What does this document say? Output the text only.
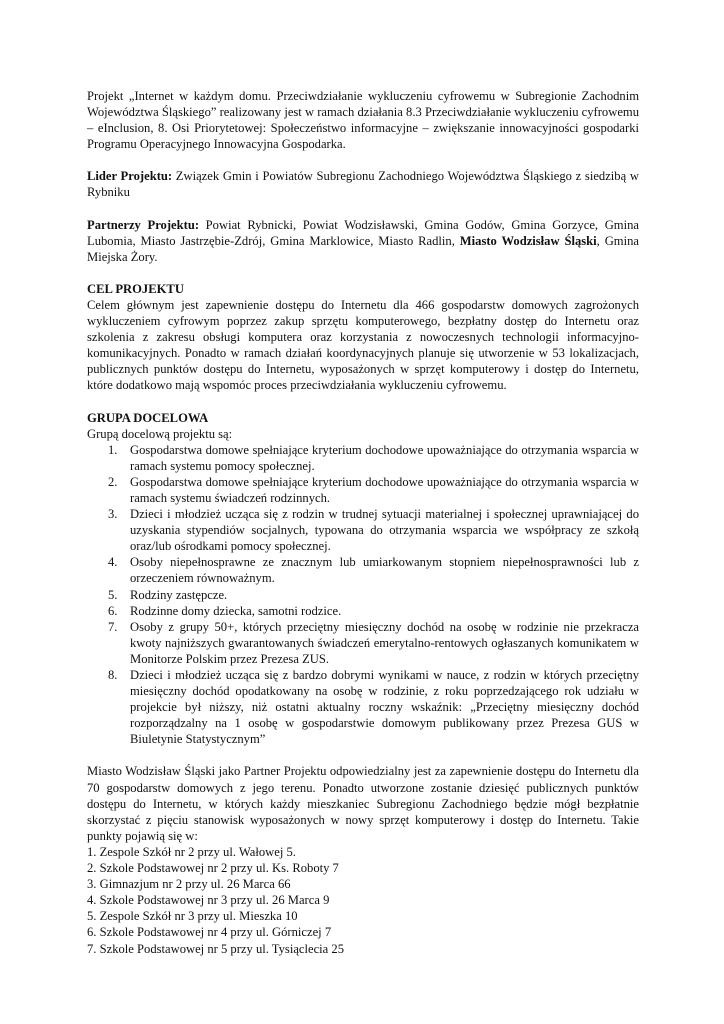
Projekt „Internet w każdym domu. Przeciwdziałanie wykluczeniu cyfrowemu w Subregionie Zachodnim Województwa Śląskiego” realizowany jest w ramach działania 8.3 Przeciwdziałanie wykluczeniu cyfrowemu – eInclusion, 8. Osi Priorytetowej: Społeczeństwo informacyjne – zwiększanie innowacyjności gospodarki Programu Operacyjnego Innowacyjna Gospodarka.

Lider Projektu: Związek Gmin i Powiatów Subregionu Zachodniego Województwa Śląskiego z siedzibą w Rybniku

Partnerzy Projektu: Powiat Rybnicki, Powiat Wodzisławski, Gmina Godów, Gmina Gorzyce, Gmina Lubomia, Miasto Jastrzębie-Zdrój, Gmina Marklowice, Miasto Radlin, Miasto Wodzisław Śląski, Gmina Miejska Żory.

CEL PROJEKTU

Celem głównym jest zapewnienie dostępu do Internetu dla 466 gospodarstw domowych zagrożonych wykluczeniem cyfrowym poprzez zakup sprzętu komputerowego, bezpłatny dostęp do Internetu oraz szkolenia z zakresu obsługi komputera oraz korzystania z nowoczesnych technologii informacyjno-komunikacyjnych. Ponadto w ramach działań koordynacyjnych planuje się utworzenie w 53 lokalizacjach, publicznych punktów dostępu do Internetu, wyposażonych w sprzęt komputerowy i dostęp do Internetu, które dodatkowo mają wspomóc proces przeciwdziałania wykluczeniu cyfrowemu.

GRUPA DOCELOWA

Grupą docelową projektu są:

1. Gospodarstwa domowe spełniające kryterium dochodowe upoważniające do otrzymania wsparcia w ramach systemu pomocy społecznej.
2. Gospodarstwa domowe spełniające kryterium dochodowe upoważniające do otrzymania wsparcia w ramach systemu świadczeń rodzinnych.
3. Dzieci i młodzież ucząca się z rodzin w trudnej sytuacji materialnej i społecznej uprawniającej do uzyskania stypendiów socjalnych, typowana do otrzymania wsparcia we współpracy ze szkołą oraz/lub ośrodkami pomocy społecznej.
4. Osoby niepełnosprawne ze znacznym lub umiarkowanym stopniem niepełnosprawności lub z orzeczeniem równoważnym.
5. Rodziny zastępcze.
6. Rodzinne domy dziecka, samotni rodzice.
7. Osoby z grupy 50+, których przeciętny miesięczny dochód na osobę w rodzinie nie przekracza kwoty najniższych gwarantowanych świadczeń emerytalno-rentowych ogłaszanych komunikatem w Monitorze Polskim przez Prezesa ZUS.
8. Dzieci i młodzież ucząca się z bardzo dobrymi wynikami w nauce, z rodzin w których przeciętny miesięczny dochód opodatkowany na osobę w rodzinie, z roku poprzedzającego rok udziału w projekcie był niższy, niż ostatni aktualny roczny wskaźnik: „Przeciętny miesięczny dochód rozporządzalny na 1 osobę w gospodarstwie domowym publikowany przez Prezesa GUS w Biuletynie Statystycznym”

Miasto Wodzisław Śląski jako Partner Projektu odpowiedzialny jest za zapewnienie dostępu do Internetu dla 70 gospodarstw domowych z jego terenu. Ponadto utworzone zostanie dziesięć publicznych punktów dostępu do Internetu, w których każdy mieszkaniec Subregionu Zachodniego będzie mógł bezpłatnie skorzystać z pięciu stanowisk wyposażonych w nowy sprzęt komputerowy i dostęp do Internetu. Takie punkty pojawią się w:

1. Zespole Szkół nr 2 przy ul. Wałowej 5.
2. Szkole Podstawowej nr 2 przy ul. Ks. Roboty 7
3. Gimnazjum nr 2 przy ul. 26 Marca 66
4. Szkole Podstawowej nr 3 przy ul. 26 Marca 9
5. Zespole Szkół nr 3 przy ul. Mieszka 10
6. Szkole Podstawowej nr 4 przy ul. Górniczej 7
7. Szkole Podstawowej nr 5 przy ul. Tysiąclecia 25
